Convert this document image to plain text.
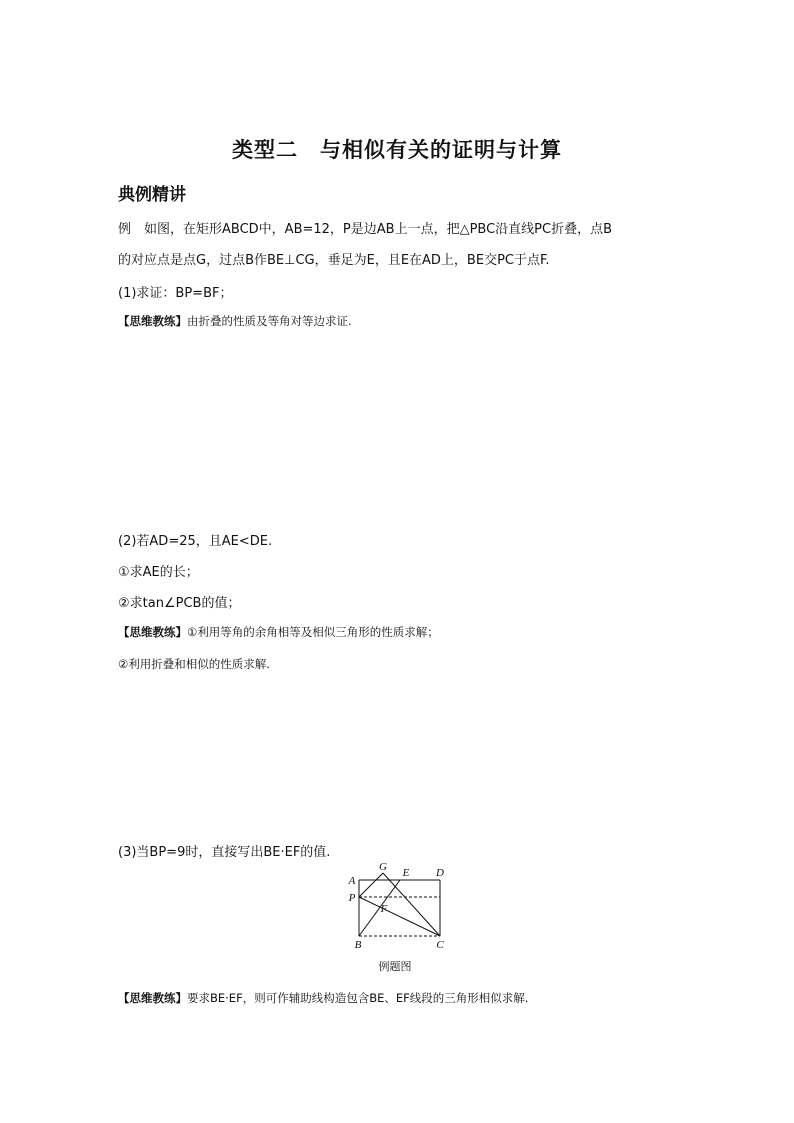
类型二　与相似有关的证明与计算
典例精讲
例　如图，在矩形ABCD中，AB=12，P是边AB上一点，把△PBC沿直线PC折叠，点B
的对应点是点G，过点B作BE⊥CG，垂足为E，且E在AD上，BE交PC于点F.
(1)求证：BP=BF；
【思维教练】由折叠的性质及等角对等边求证.
(2)若AD=25，且AE<DE.
①求AE的长；
②求tan∠PCB的值；
【思维教练】①利用等角的余角相等及相似三角形的性质求解；
②利用折叠和相似的性质求解.
(3)当BP=9时，直接写出BE·EF的值.
G
A
P
B	C
D
E
F
例题图
【思维教练】要求BE·EF，则可作辅助线构造包含BE、EF线段的三角形相似求解.
